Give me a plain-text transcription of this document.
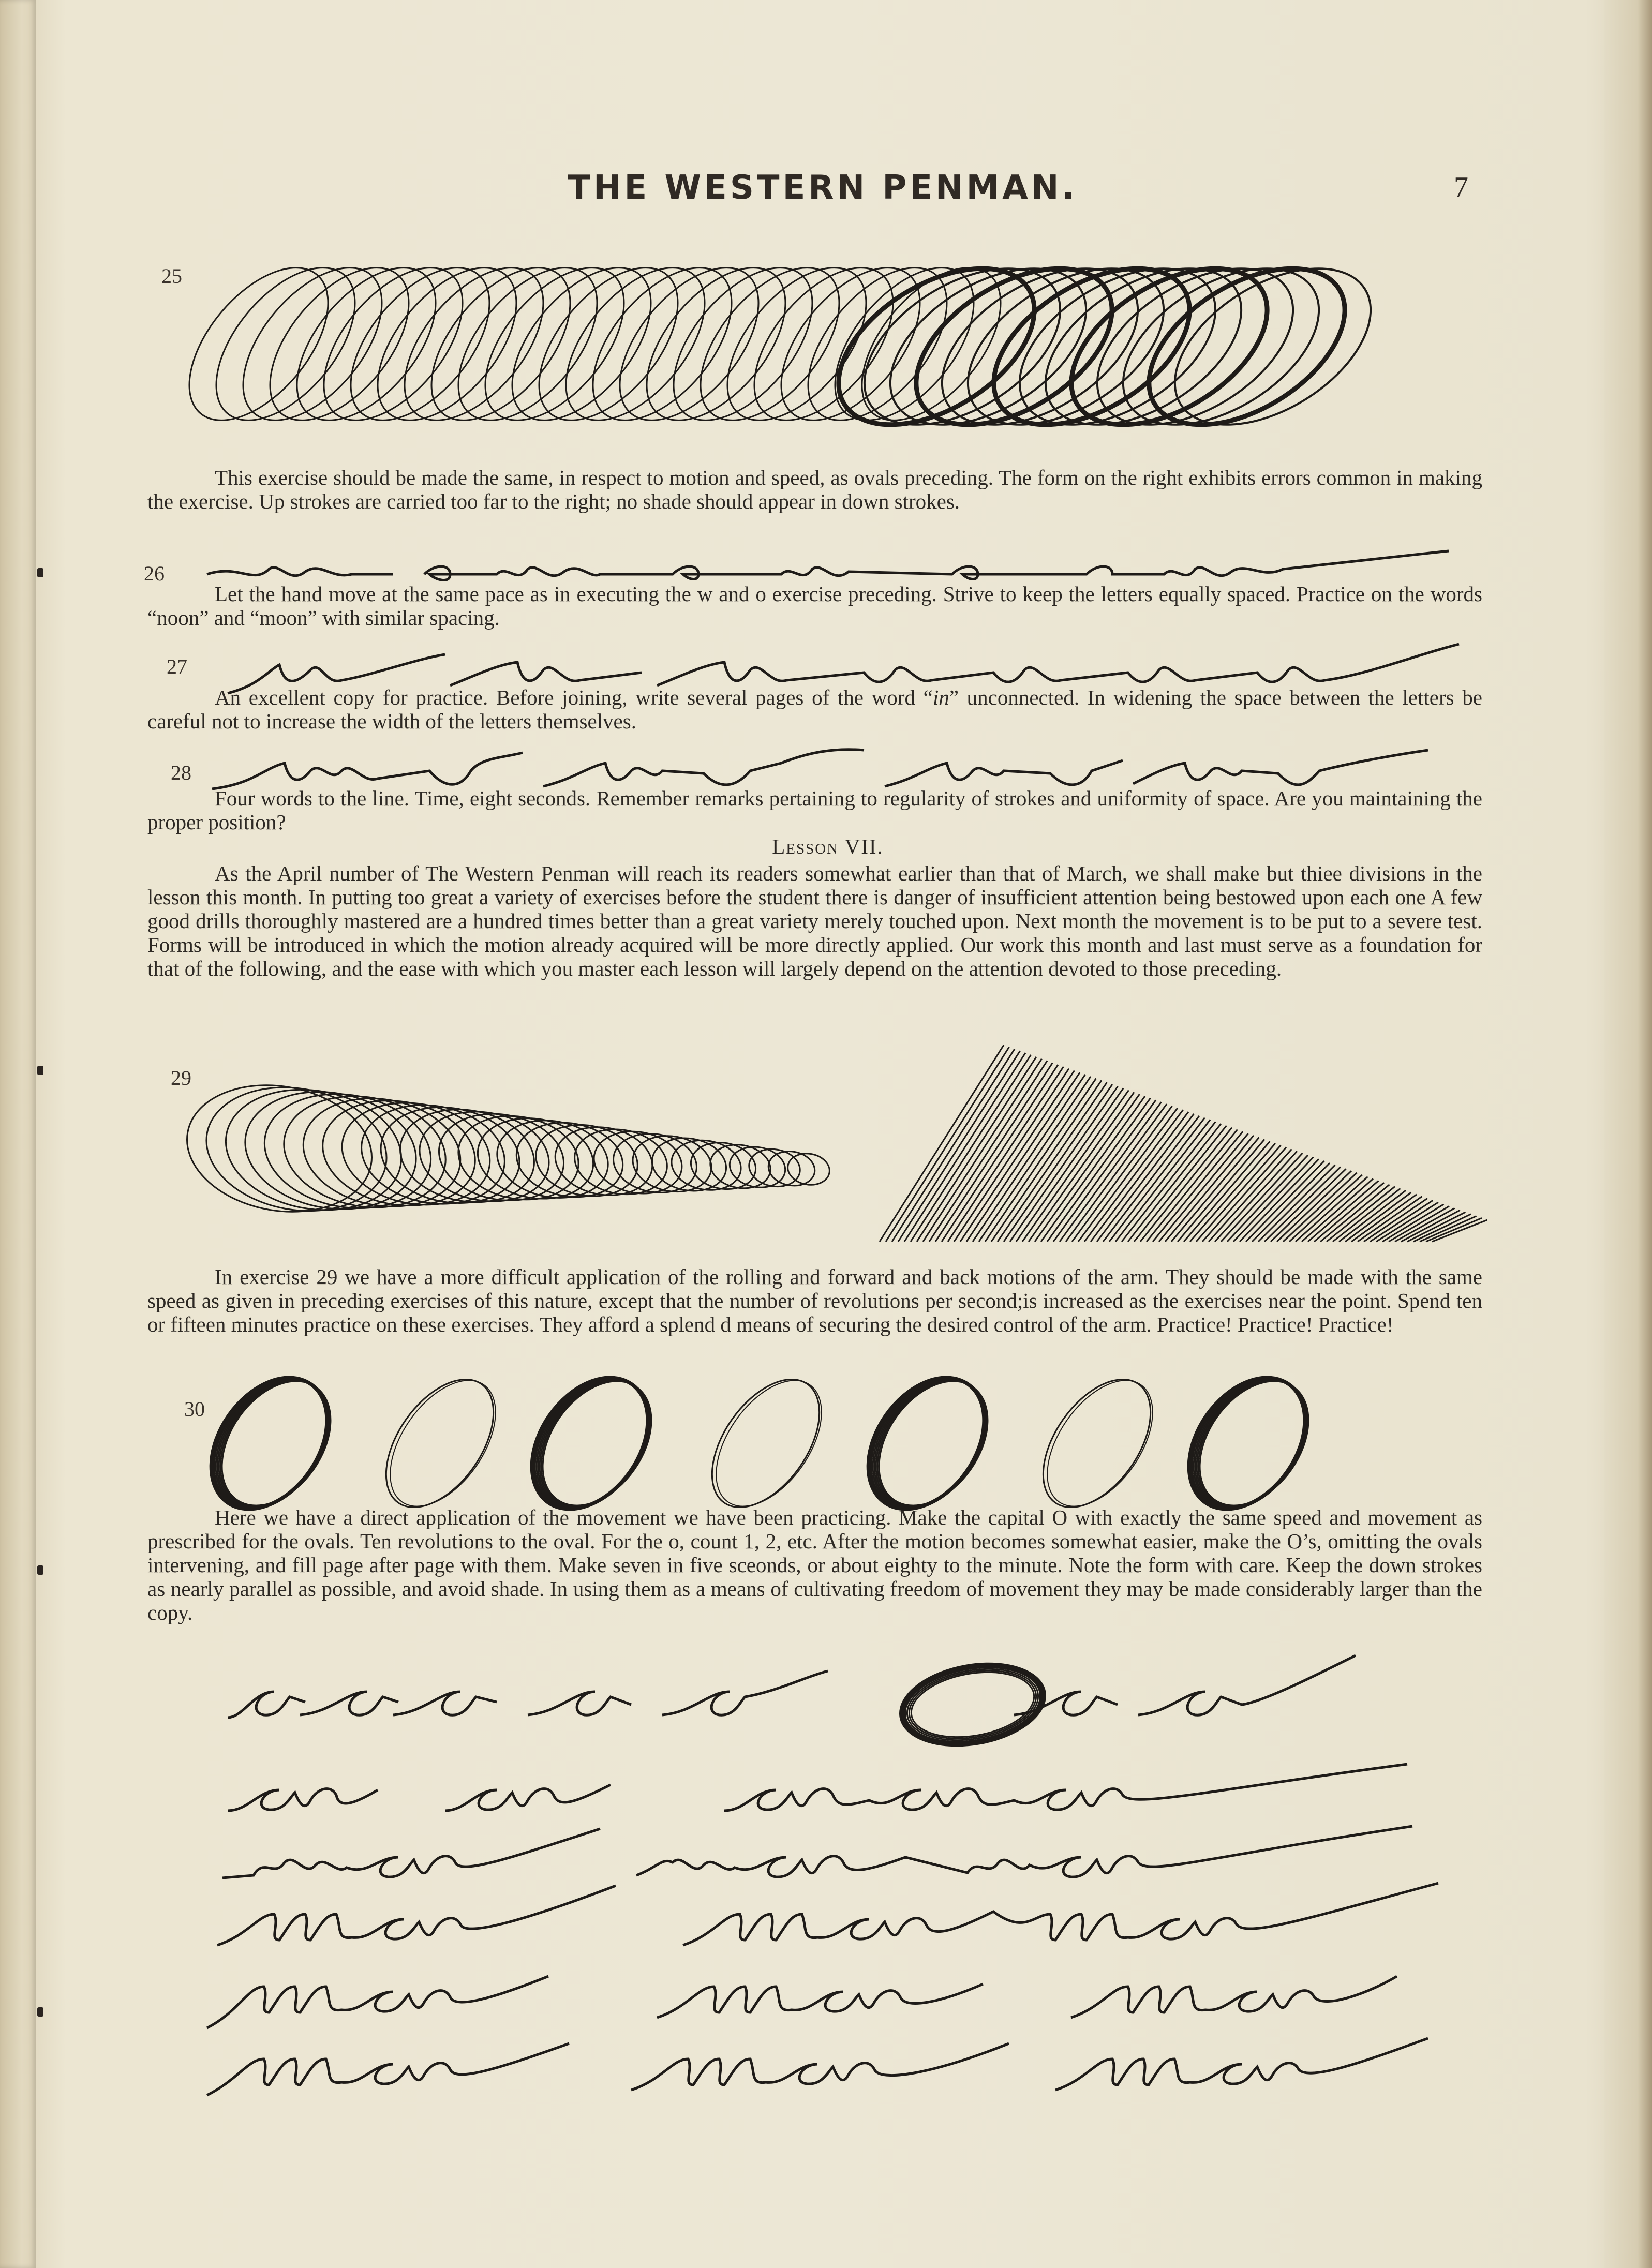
THE WESTERN PENMAN.	7
25
This exercise should be made the same, in respect to motion and speed, as ovals preceding. The form on the right exhibits errors common in making the exercise. Up strokes are carried too far to the right; no shade should appear in down strokes.
26
Let the hand move at the same pace as in executing the w and o exercise preceding. Strive to keep the letters equally spaced. Practice on the words “noon” and “moon” with similar spacing.
27
An excellent copy for practice. Before joining, write several pages of the word “in” unconnected. In widening the space between the letters be careful not to increase the width of the letters themselves.
28
Four words to the line. Time, eight seconds. Remember remarks pertaining to regularity of strokes and uniformity of space. Are you maintaining the proper position?
Lesson VII.
As the April number of The Western Penman will reach its readers somewhat earlier than that of March, we shall make but thiee divisions in the lesson this month. In putting too great a variety of exercises before the student there is danger of insufficient attention being bestowed upon each one A few good drills thoroughly mastered are a hundred times better than a great variety merely touched upon. Next month the movement is to be put to a severe test. Forms will be introduced in which the motion already acquired will be more directly applied. Our work this month and last must serve as a foundation for that of the following, and the ease with which you master each lesson will largely depend on the attention devoted to those preceding.
29
In exercise 29 we have a more difficult application of the rolling and forward and back motions of the arm. They should be made with the same speed as given in preceding exercises of this nature, except that the number of revolutions per second;is increased as the exercises near the point. Spend ten or fifteen minutes practice on these exercises. They afford a splend d means of securing the desired control of the arm. Practice! Practice! Practice!
30
Here we have a direct application of the movement we have been practicing. Make the capital O with exactly the same speed and movement as prescribed for the ovals. Ten revolutions to the oval. For the o, count 1, 2, etc. After the motion becomes somewhat easier, make the O’s, omitting the ovals intervening, and fill page after page with them. Make seven in five sceonds, or about eighty to the minute. Note the form with care. Keep the down strokes as nearly parallel as possible, and avoid shade. In using them as a means of cultivating freedom of movement they may be made considerably larger than the copy.
